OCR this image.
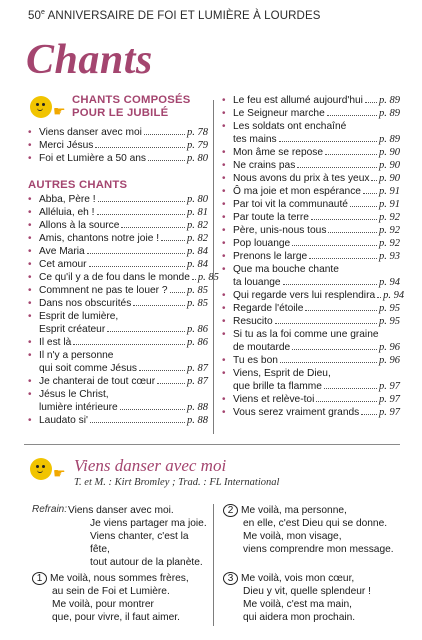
50e ANNIVERSAIRE DE FOI ET LUMIÈRE À LOURDES
Chants
☛
CHANTS COMPOSÉS
POUR LE JUBILÉ
• Viens danser avec moi	p. 78
• Merci Jésus	p. 79
• Foi et Lumière a 50 ans	p. 80
AUTRES CHANTS
• Abba, Père !	p. 80
• Alléluia, eh !	p. 81
• Allons à la source	p. 82
• Amis, chantons notre joie !	p. 82
• Ave Maria	p. 84
• Cet amour	p. 84
• Ce qu'il y a de fou dans le monde p. 85
• Commnent ne pas te louer ? p. 85
• Dans nos obscurités	p. 85
• Esprit de lumière,
Esprit créateur	p. 86
• Il est là	p. 86
• Il n'y a personne
qui soit comme Jésus	p. 87
• Je chanterai de tout cœur	p. 87
• Jésus le Christ,
lumière intérieure	p. 88
• Laudato si'	p. 88
• Le feu est allumé aujourd'hui p. 89
• Le Seigneur marche	p. 89
• Les soldats ont enchaîné
tes mains	p. 89
• Mon âme se repose	p. 90
• Ne crains pas	p. 90
• Nous avons du prix à tes yeux p. 90
• Ô ma joie et mon espérance p. 91
• Par toi vit la communauté	p. 91
• Par toute la terre	p. 92
• Père, unis-nous tous	p. 92
• Pop louange	p. 92
• Prenons le large	p. 93
• Que ma bouche chante
ta louange	p. 94
• Qui regarde vers lui resplendira p. 94
• Regarde l'étoile	p. 95
• Resucito	p. 95
• Si tu as la foi comme une graine
de moutarde	p. 96
• Tu es bon	p. 96
• Viens, Esprit de Dieu,
que brille ta flamme	p. 97
• Viens et relève-toi	p. 97
• Vous serez vraiment grands p. 97
☛ Viens danser avec moi
T. et M. : Kirt Bromley ; Trad. : FL International
Refrain: Viens danser avec moi.
Je viens partager ma joie.
Viens chanter, c'est la fête,
tout autour de la planète.
1 Me voilà, nous sommes frères,
au sein de Foi et Lumière.
Me voilà, pour montrer
que, pour vivre, il faut aimer.
2 Me voilà, ma personne,
en elle, c'est Dieu qui se donne.
Me voilà, mon visage,
viens comprendre mon message.
3 Me voilà, vois mon cœur,
Dieu y vit, quelle splendeur !
Me voilà, c'est ma main,
qui aidera mon prochain.
